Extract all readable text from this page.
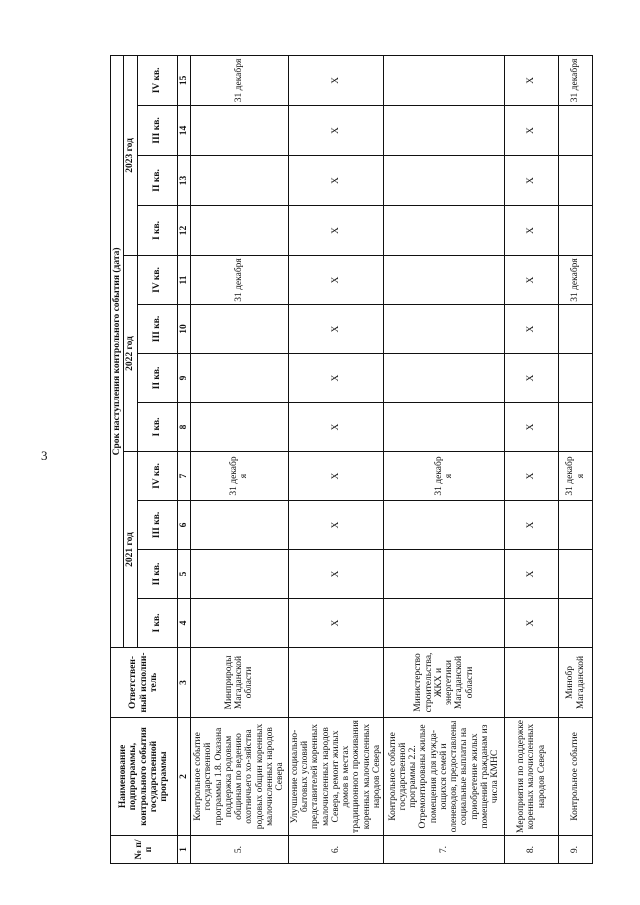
3
№ п/п	Наименование подпрограммы, контрольного события государственной программы	Ответствен-ный исполни-тель	Срок наступления контрольного события (дата)											
			2021 год				2022 год				2023 год			
			I кв.	II кв.	III кв.	IV кв.	I кв.	II кв.	III кв.	IV кв.	I кв.	II кв.	III кв.	IV кв.
1	2	3	4	5	6	7	8	9	10	11	12	13	14	15
5.	Контрольное событие государственной программы 1.8. Оказана поддержка родовым общинам по ведению охотничьего хо-зяйства родовых общин коренных малочисленных народов Севера	Минприроды Магаданской области				31 декабр я				31 декабря				31 декабря
6.	Улучшение социально-бытовых условий представителей коренных малочисленных народов Севера, ремонт жилых домов в местах традиционного проживания коренных малочисленных народов Севера		X	X	X	X	X	X	X	X	X	X	X	X
7.	Контрольное событие государственной программы 2.2. Отремонтированы жилые помещения для нужда-ющихся семей и оленеводов, предоставлены социальные выплаты на приобретение жилых помещений гражданам из числа КМНС	Министерство строительства, ЖКХ и энергетики Магаданской области				31 декабр я								
8.	Мероприятия по поддержке коренных малочисленных народов Севера		X	X	X	X	X	X	X	X	X	X	X	X
9.	Контрольное событие	Минобр Магаданской				31 декабр я				31 декабря				31 декабря
